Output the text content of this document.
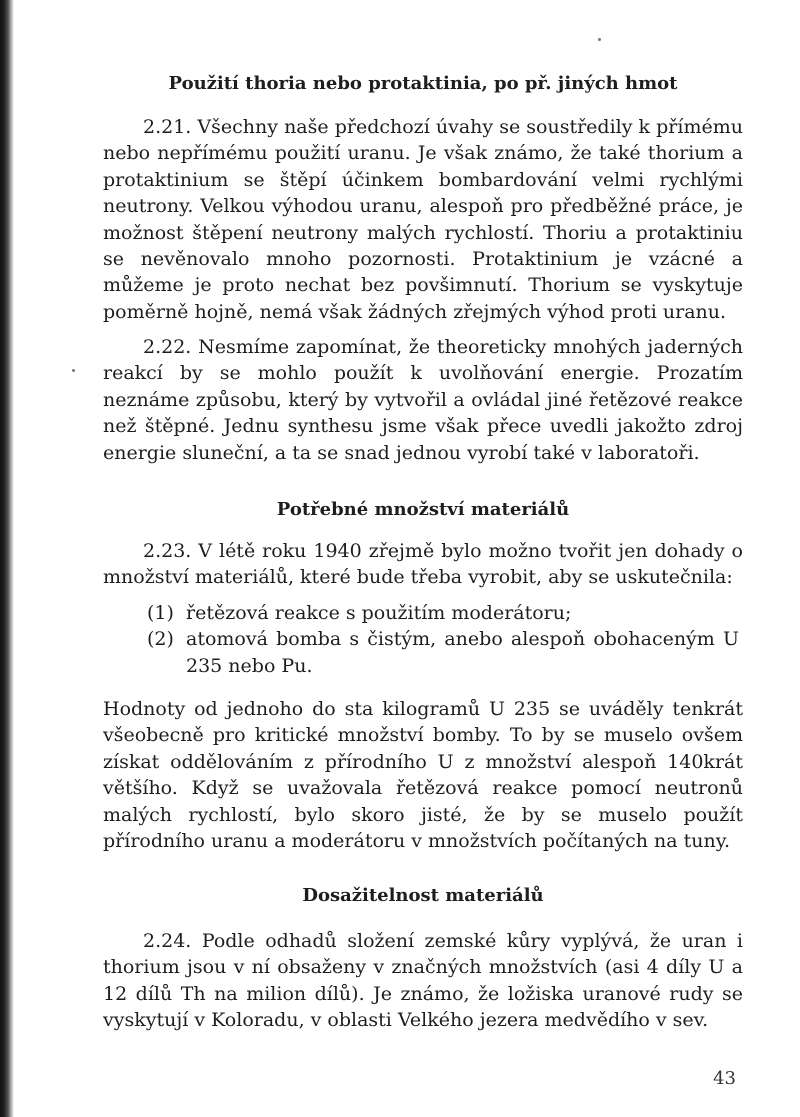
Použití thoria nebo protaktinia, po př. jiných hmot

2.21. Všechny naše předchozí úvahy se soustředily k přímému nebo nepřímému použití uranu. Je však známo, že také thorium a protaktinium se štěpí účinkem bombardování velmi rychlými neutrony. Velkou výhodou uranu, alespoň pro předběžné práce, je možnost štěpení neutrony malých rychlostí. Thoriu a protaktiniu se nevěnovalo mnoho pozornosti. Protaktinium je vzácné a můžeme je proto nechat bez povšimnutí. Thorium se vyskytuje poměrně hojně, nemá však žádných zřejmých výhod proti uranu.

2.22. Nesmíme zapomínat, že theoreticky mnohých jaderných reakcí by se mohlo použít k uvolňování energie. Prozatím neznáme způsobu, který by vytvořil a ovládal jiné řetězové reakce než štěpné. Jednu synthesu jsme však přece uvedli jakožto zdroj energie sluneční, a ta se snad jednou vyrobí také v laboratoři.

Potřebné množství materiálů

2.23. V létě roku 1940 zřejmě bylo možno tvořit jen dohady o množství materiálů, které bude třeba vyrobit, aby se uskutečnila:

(1) řetězová reakce s použitím moderátoru;
(2) atomová bomba s čistým, anebo alespoň obohaceným U 235 nebo Pu.

Hodnoty od jednoho do sta kilogramů U 235 se uváděly tenkrát všeobecně pro kritické množství bomby. To by se muselo ovšem získat oddělováním z přírodního U z množství alespoň 140krát většího. Když se uvažovala řetězová reakce pomocí neutronů malých rychlostí, bylo skoro jisté, že by se muselo použít přírodního uranu a moderátoru v množstvích počítaných na tuny.

Dosažitelnost materiálů

2.24. Podle odhadů složení zemské kůry vyplývá, že uran i thorium jsou v ní obsaženy v značných množstvích (asi 4 díly U a 12 dílů Th na milion dílů). Je známo, že ložiska uranové rudy se vyskytují v Koloradu, v oblasti Velkého jezera medvědího v sev.

43
